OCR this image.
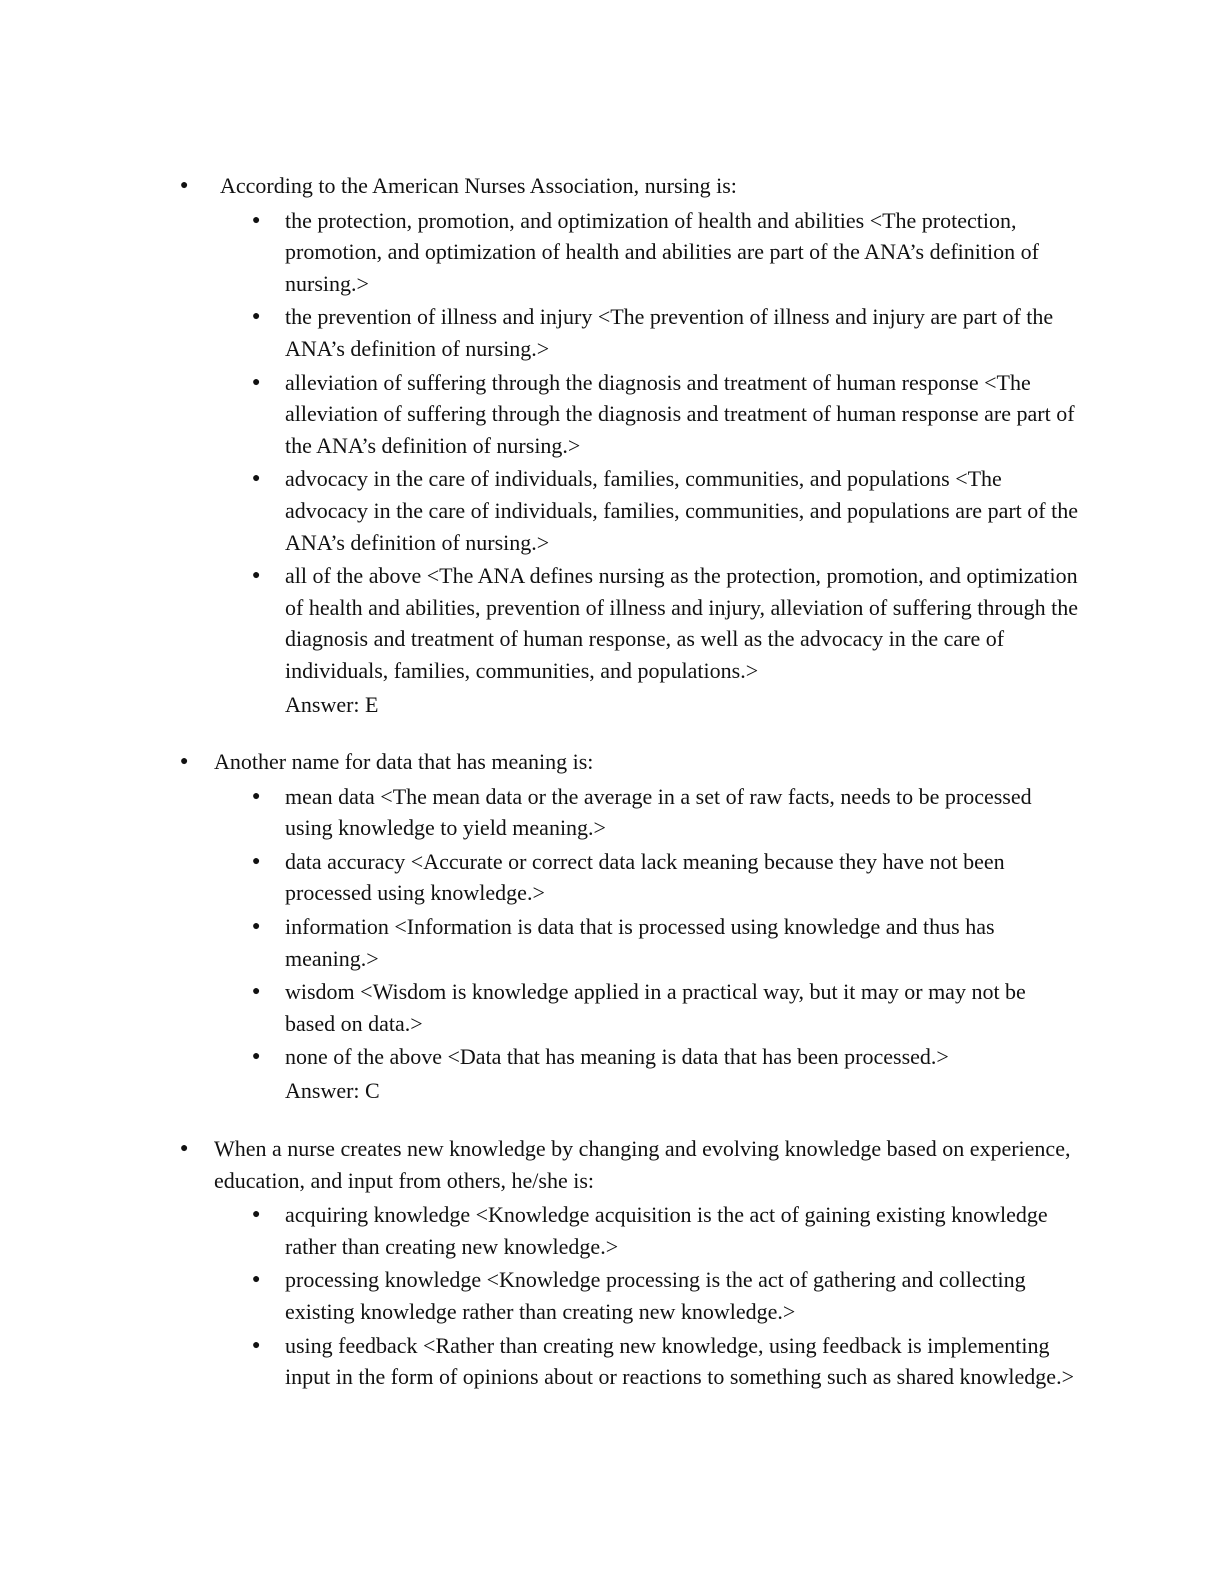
● According to the American Nurses Association, nursing is:
● the protection, promotion, and optimization of health and abilities <The protection, promotion, and optimization of health and abilities are part of the ANA’s definition of nursing.>
● the prevention of illness and injury <The prevention of illness and injury are part of the ANA’s definition of nursing.>
● alleviation of suffering through the diagnosis and treatment of human response <The alleviation of suffering through the diagnosis and treatment of human response are part of the ANA’s definition of nursing.>
● advocacy in the care of individuals, families, communities, and populations <The advocacy in the care of individuals, families, communities, and populations are part of the ANA’s definition of nursing.>
● all of the above <The ANA defines nursing as the protection, promotion, and optimization of health and abilities, prevention of illness and injury, alleviation of suffering through the diagnosis and treatment of human response, as well as the advocacy in the care of individuals, families, communities, and populations.>
Answer: E
● Another name for data that has meaning is:
● mean data <The mean data or the average in a set of raw facts, needs to be processed using knowledge to yield meaning.>
● data accuracy <Accurate or correct data lack meaning because they have not been processed using knowledge.>
● information <Information is data that is processed using knowledge and thus has meaning.>
● wisdom <Wisdom is knowledge applied in a practical way, but it may or may not be based on data.>
● none of the above <Data that has meaning is data that has been processed.>
Answer: C
● When a nurse creates new knowledge by changing and evolving knowledge based on experience, education, and input from others, he/she is:
● acquiring knowledge <Knowledge acquisition is the act of gaining existing knowledge rather than creating new knowledge.>
● processing knowledge <Knowledge processing is the act of gathering and collecting existing knowledge rather than creating new knowledge.>
● using feedback <Rather than creating new knowledge, using feedback is implementing input in the form of opinions about or reactions to something such as shared knowledge.>
